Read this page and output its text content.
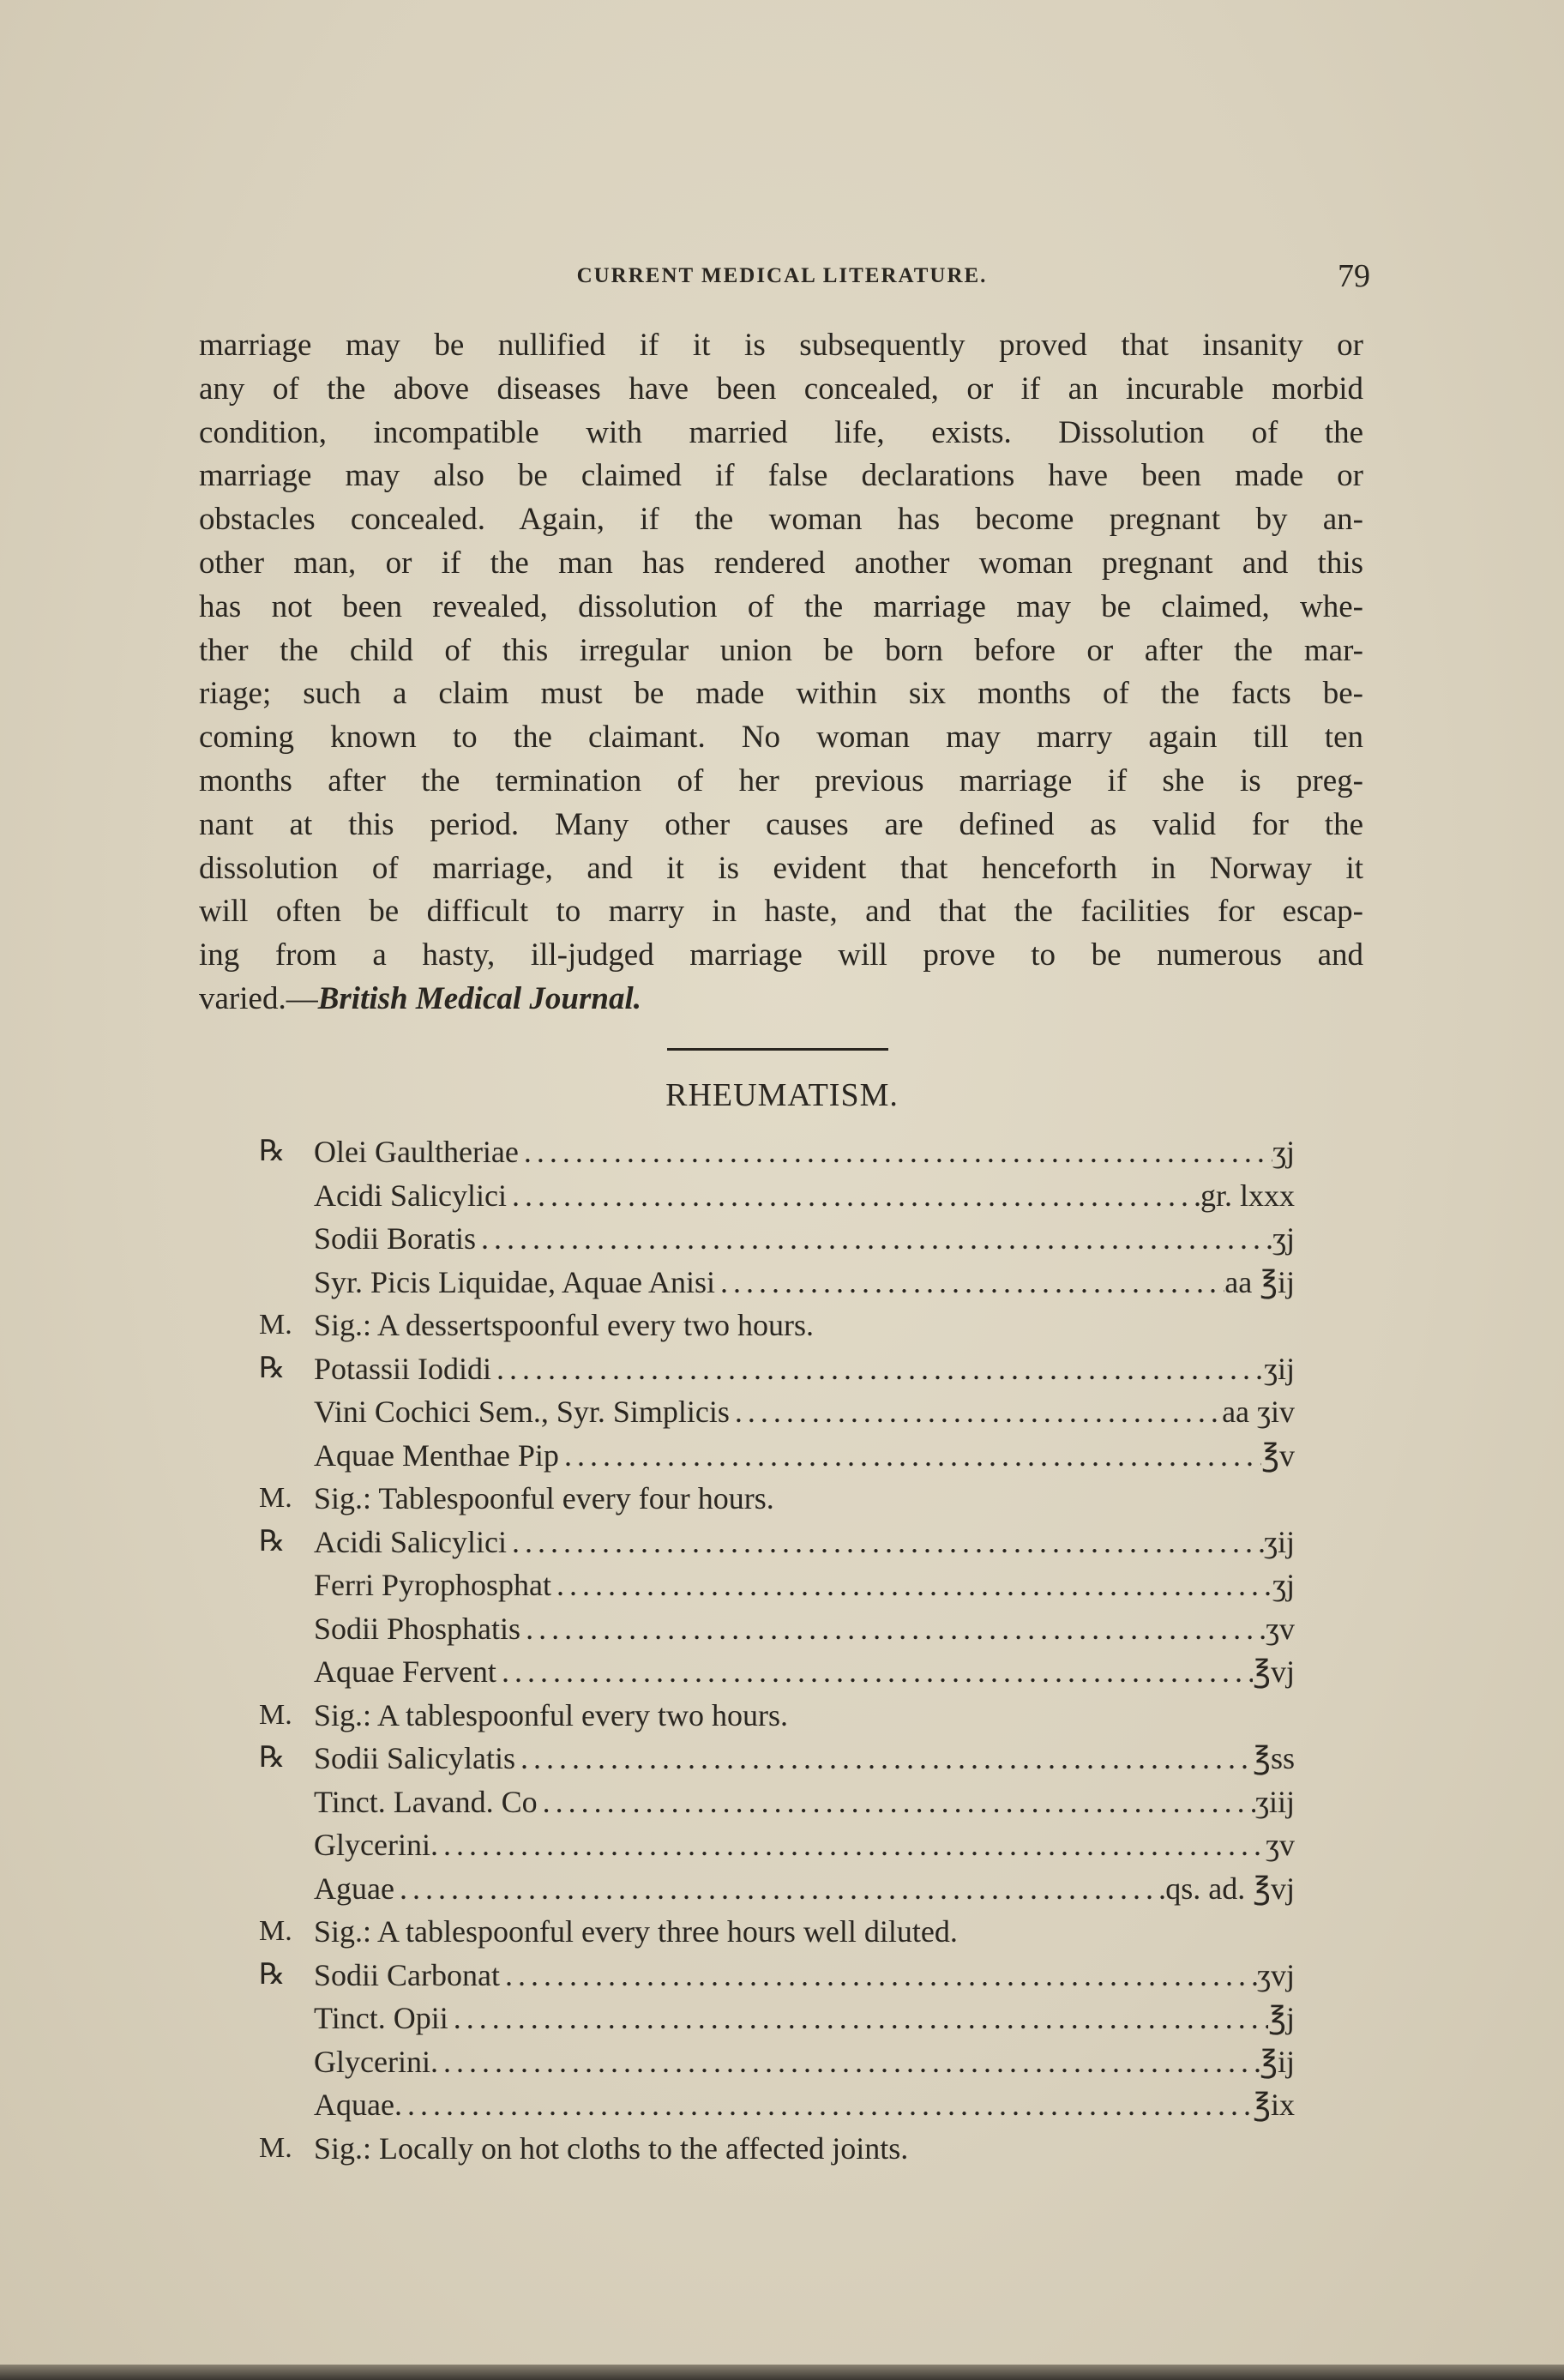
CURRENT MEDICAL LITERATURE.	79
marriage may be nullified if it is subsequently proved that insanity or
any of the above diseases have been concealed, or if an incurable morbid
condition, incompatible with married life, exists. Dissolution of the
marriage may also be claimed if false declarations have been made or
obstacles concealed. Again, if the woman has become pregnant by an-
other man, or if the man has rendered another woman pregnant and this
has not been revealed, dissolution of the marriage may be claimed, whe-
ther the child of this irregular union be born before or after the mar-
riage; such a claim must be made within six months of the facts be-
coming known to the claimant. No woman may marry again till ten
months after the termination of her previous marriage if she is preg-
nant at this period. Many other causes are defined as valid for the
dissolution of marriage, and it is evident that henceforth in Norway it
will often be difficult to marry in haste, and that the facilities for escap-
ing from a hasty, ill-judged marriage will prove to be numerous and
varied.—British Medical Journal.
RHEUMATISM.
℞ Olei Gaultheriae .....	ʒj
Acidi Salicylici .....	gr. lxxx
Sodii Boratis .....	ʒj
Syr. Picis Liquidae, Aquae Anisi .....	aa ℥ij
M. Sig.: A dessertspoonful every two hours.
℞ Potassii Iodidi .....	ʒij
Vini Cochici Sem., Syr. Simplicis .....	aa ʒiv
Aquae Menthae Pip .....	℥v
M. Sig.: Tablespoonful every four hours.
℞ Acidi Salicylici .....	ʒij
Ferri Pyrophosphat .....	ʒj
Sodii Phosphatis .....	ʒv
Aquae Fervent .....	℥vj
M. Sig.: A tablespoonful every two hours.
℞ Sodii Salicylatis .....	℥ss
Tinct. Lavand. Co .....	ʒiij
Glycerini. .....	ʒv
Aguae .....	qs. ad. ℥vj
M. Sig.: A tablespoonful every three hours well diluted.
℞ Sodii Carbonat .....	ʒvj
Tinct. Opii .....	℥j
Glycerini. .....	℥ij
Aquae. .....	℥ix
M. Sig.: Locally on hot cloths to the affected joints.
